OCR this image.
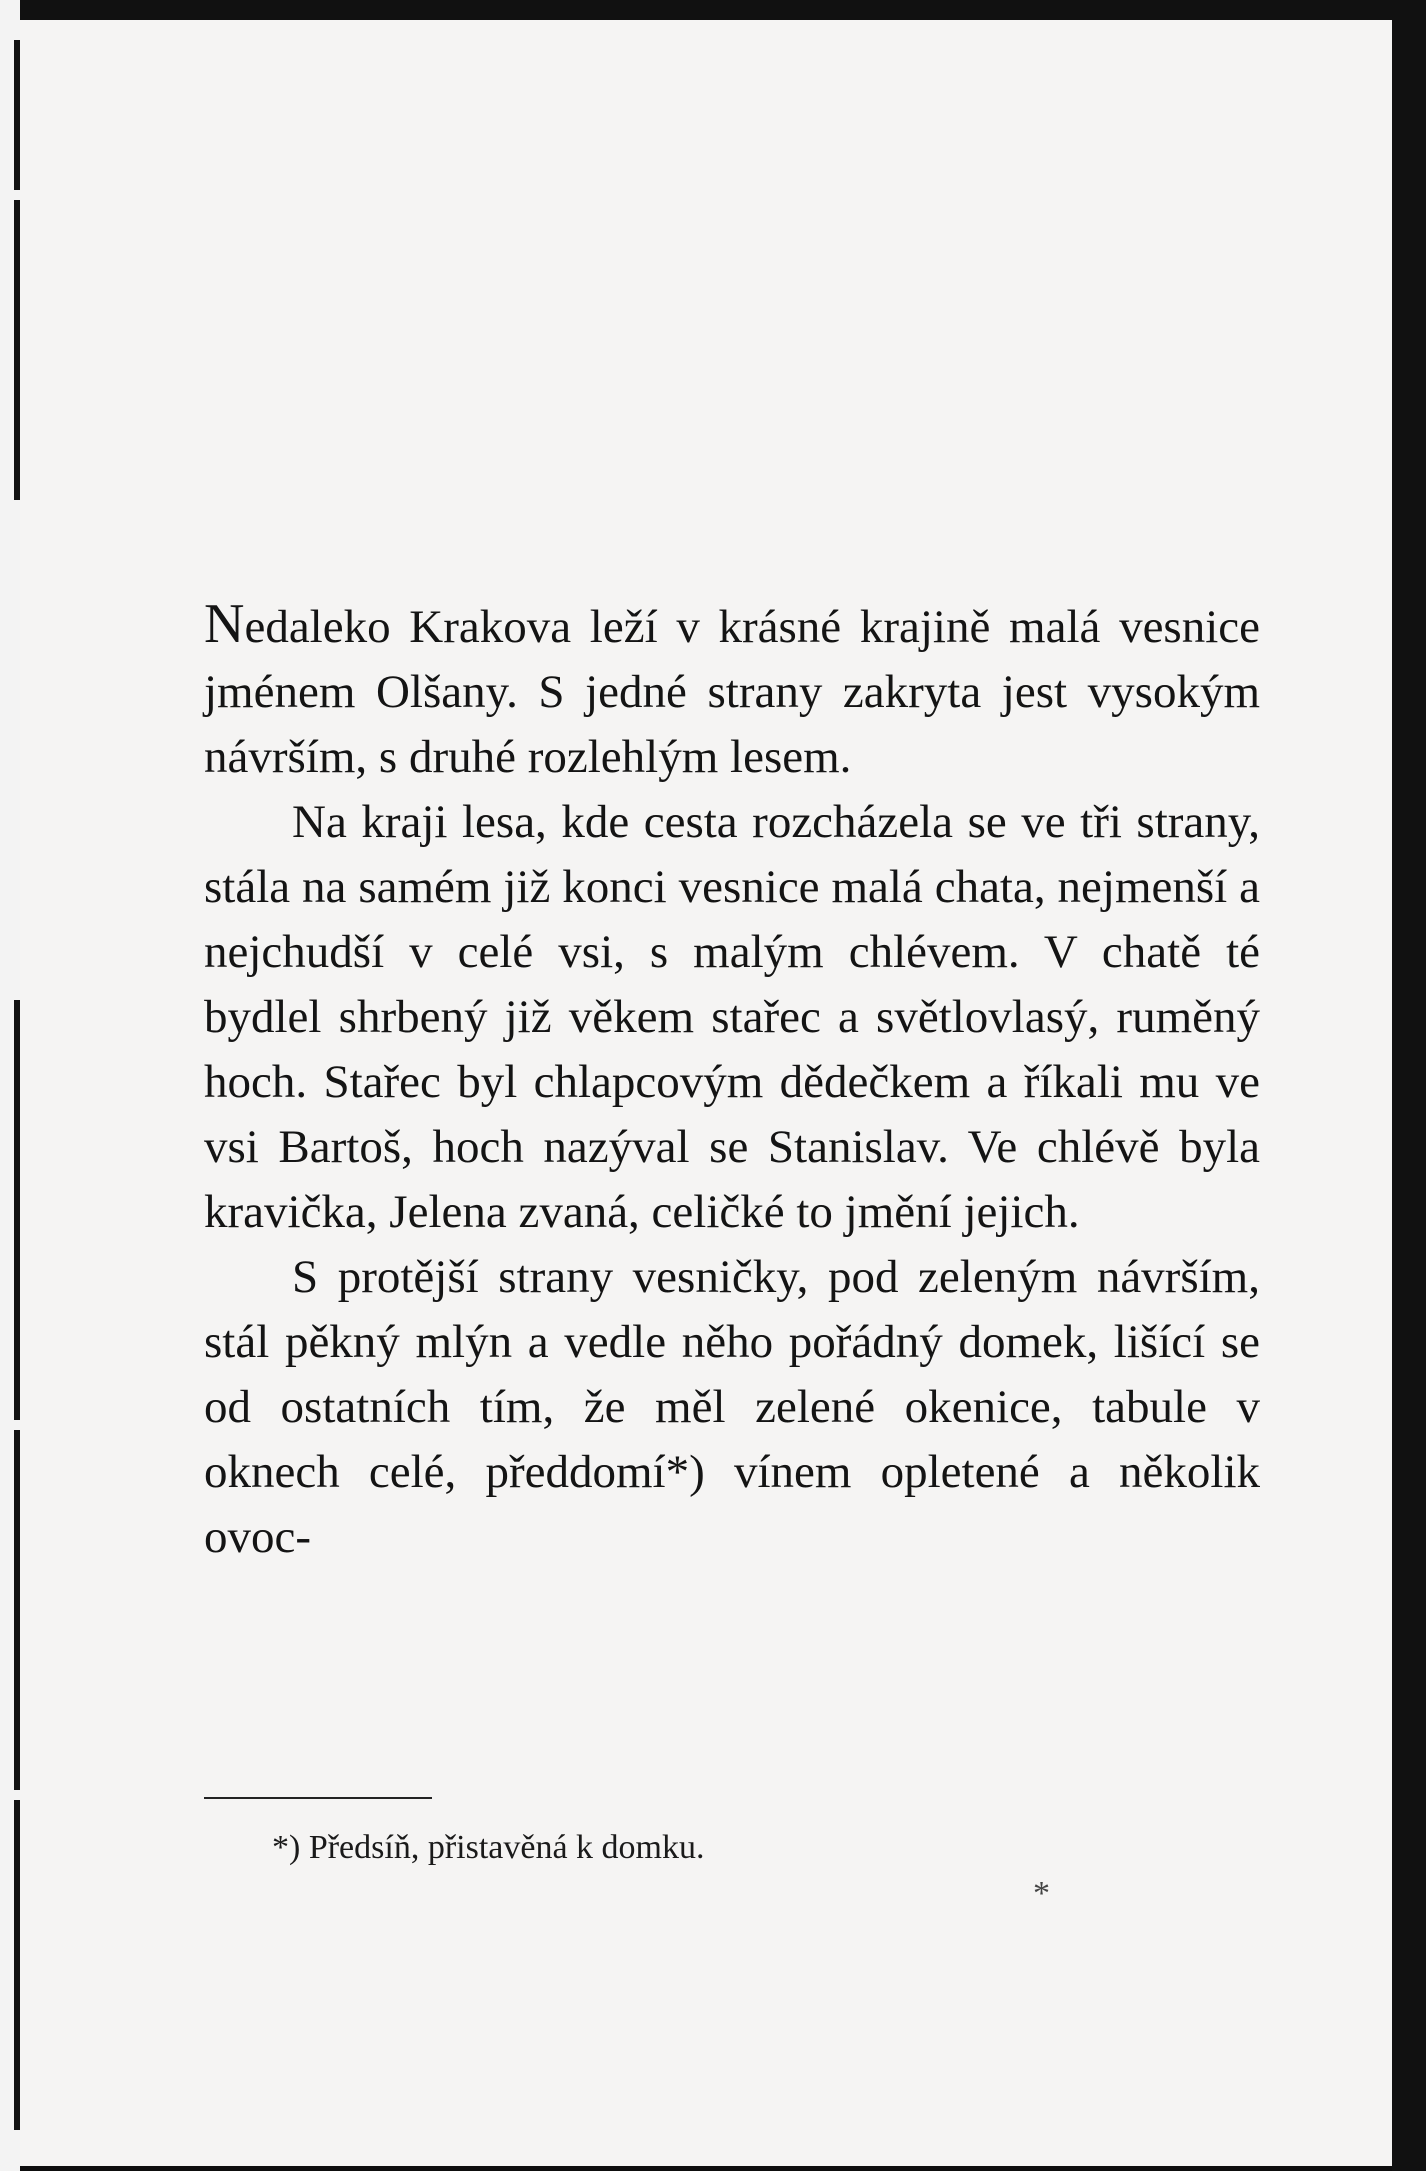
Nedaleko Krakova leží v krásné krajině malá vesnice jménem Olšany. S jedné strany zakryta jest vysokým návrším, s druhé rozlehlým lesem.

Na kraji lesa, kde cesta rozcházela se ve tři strany, stála na samém již konci vesnice malá chata, nejmenší a nejchudší v celé vsi, s malým chlévem. V chatě té bydlel shrbený již věkem stařec a světlovlasý, ruměný hoch. Stařec byl chlapcovým dědečkem a říkali mu ve vsi Bartoš, hoch nazýval se Stanislav. Ve chlévě byla kravička, Jelena zvaná, celičké to jmění jejich.

S protější strany vesničky, pod zeleným návrším, stál pěkný mlýn a vedle něho pořádný domek, lišící se od ostatních tím, že měl zelené okenice, tabule v oknech celé, předdomí*) vínem opletené a několik ovoc-

*) Předsíň, přistavěná k domku.
*
